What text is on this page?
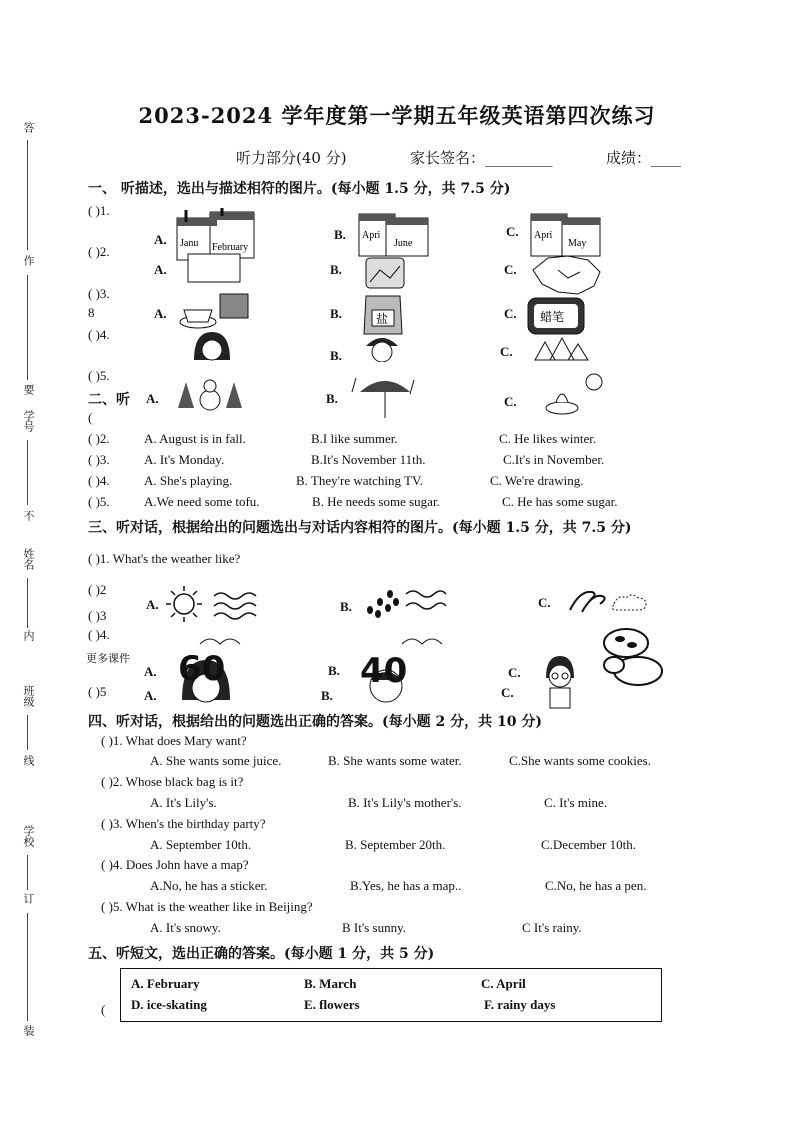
答
作
要
学号
不
姓名
内
班级
线
学校
订
装
2023-2024 学年度第一学期五年级英语第四次练习
听力部分(40 分)	家长签名：_________	成绩：____
一、 听描述，选出与描述相符的图片。(每小题 1.5 分，共 7.5 分)
( )1.
( )2.
( )3.
8
( )4.
( )5.
A. Janu February
B. Apri
June
C. Apri
May
A.	B.	C.
A.	B.	盐	C. 蜡笔
B.	C.
A.	B.	C.
二、听
(
( )2.	A. August is in fall.	B.I like summer.	C. He likes winter.
( )3.	A. It's Monday.	B.It's November 11th.	C.It's in November.
( )4.	A. She's playing.	B. They're watching TV.	C. We're drawing.
( )5.	A.We need some tofu.	B. He needs some sugar.	C. He has some sugar.
三、听对话，根据给出的问题选出与对话内容相符的图片。(每小题 1.5 分，共 7.5 分)
( )1. What's the weather like?
( )2
( )3
( )4.
更多课件
( )5
A.	B.	C.
A. 60
A.
B. 40
B.
C.
C.
四、听对话，根据给出的问题选出正确的答案。(每小题 2 分，共 10 分)
( )1. What does Mary want?
A. She wants some juice.	B. She wants some water.	C.She wants some cookies.
( )2. Whose black bag is it?
A. It's Lily's.	B. It's Lily's mother's.	C. It's mine.
( )3. When's the birthday party?
A. September 10th.	B. September 20th.	C.December 10th.
( )4. Does John have a map?
A.No, he has a sticker.	B.Yes, he has a map..	C.No, he has a pen.
( )5. What is the weather like in Beijing?
A. It's snowy.	B It's sunny.	C It's rainy.
五、听短文，选出正确的答案。(每小题 1 分，共 5 分)
A. February	B. March	C. April
D. ice-skating	E. flowers	F. rainy days
(
